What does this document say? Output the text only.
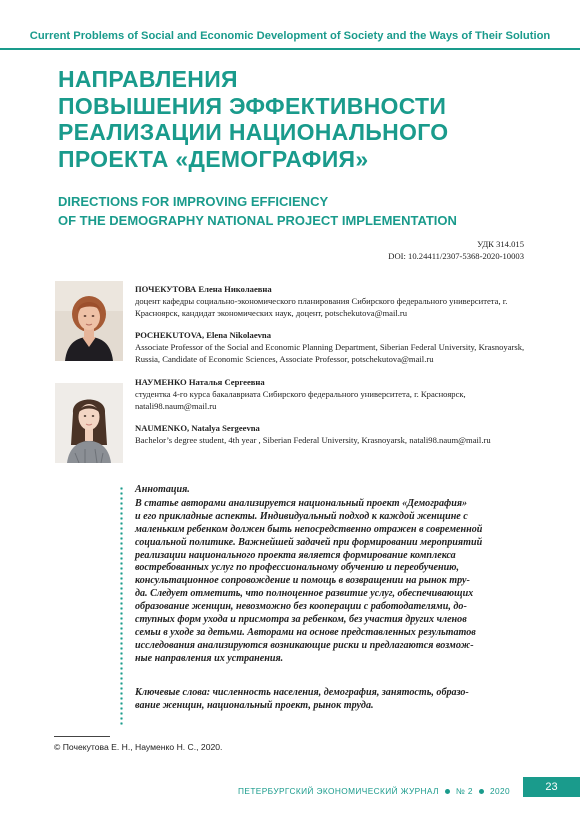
Current Problems of Social and Economic Development of Society and the Ways of Their Solution
НАПРАВЛЕНИЯ
ПОВЫШЕНИЯ ЭФФЕКТИВНОСТИ
РЕАЛИЗАЦИИ НАЦИОНАЛЬНОГО
ПРОЕКТА «ДЕМОГРАФИЯ»
DIRECTIONS FOR IMPROVING EFFICIENCY
OF THE DEMOGRAPHY NATIONAL PROJECT IMPLEMENTATION
УДК 314.015
DOI: 10.24411/2307-5368-2020-10003
ПОЧЕКУТОВА Елена Николаевна
доцент кафедры социально-экономического планирования Сибирского федерального университета, г. Красноярск, кандидат экономических наук, доцент, potschekutova@mail.ru
POCHEKUTOVA, Elena Nikolaevna
Associate Professor of the Social and Economic Planning Department, Siberian Federal University, Krasnoyarsk, Russia, Candidate of Economic Sciences, Associate Professor, potschekutova@mail.ru
НАУМЕНКО Наталья Сергеевна
студентка 4-го курса бакалавриата Сибирского федерального университета, г. Красноярск, natali98.naum@mail.ru
NAUMENKO, Natalya Sergeevna
Bachelor’s degree student, 4th year , Siberian Federal University, Krasnoyarsk, natali98.naum@mail.ru
Аннотация.
В статье авторами анализируется национальный проект «Демография»
и его прикладные аспекты. Индивидуальный подход к каждой женщине с
маленьким ребенком должен быть непосредственно отражен в современной
социальной политике. Важнейшей задачей при формировании мероприятий
реализации национального проекта является формирование комплекса
востребованных услуг по профессиональному обучению и переобучению,
консультационное сопровождение и помощь в возвращении на рынок тру-
да. Следует отметить, что полноценное развитие услуг, обеспечивающих
образование женщин, невозможно без кооперации с работодателями, до-
ступных форм ухода и присмотра за ребенком, без участия других членов
семьи в уходе за детьми. Авторами на основе представленных результатов
исследования анализируются возникающие риски и предлагаются возмож-
ные направления их устранения.
Ключевые слова: численность населения, демография, занятость, образо-
вание женщин, национальный проект, рынок труда.
© Почекутова Е. Н., Науменко Н. С., 2020.
ПЕТЕРБУРГСКИЙ ЭКОНОМИЧЕСКИЙ ЖУРНАЛ № 2 2020	23
